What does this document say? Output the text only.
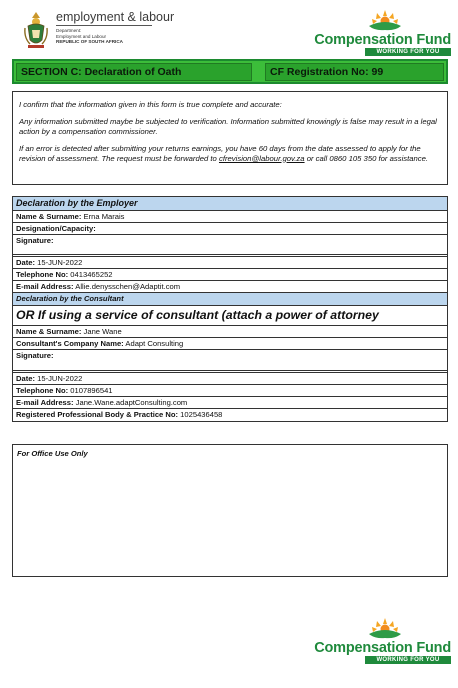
employment & labour
Department:
Employment and Labour
REPUBLIC OF SOUTH AFRICA	Compensation Fund
WORKING FOR YOU
SECTION C: Declaration of Oath	CF Registration No: 99

I confirm that the information given in this form is true complete and accurate:

Any information submitted maybe be subjected to verification. Information submitted knowingly is false may result in a legal action by a compensation commissioner.

If an error is detected after submitting your returns earnings, you have 60 days from the date assessed to apply for the revision of assessment. The request must be forwarded to cfrevision@labour.gov.za or call 0860 105 350 for assistance.

Declaration by the Employer
Name & Surname: Erna Marais
Designation/Capacity:
Signature:
Date: 15-JUN-2022
Telephone No: 0413465252
E-mail Address: Allie.denysschen@Adaptit.com
Declaration by the Consultant
OR If using a service of consultant (attach a power of attorney
Name & Surname: Jane Wane
Consultant's Company Name: Adapt Consulting
Signature:
Date: 15-JUN-2022
Telephone No: 0107896541
E-mail Address: Jane.Wane.adaptConsulting.com
Registered Professional Body & Practice No: 1025436458
For Office Use Only
Compensation Fund
WORKING FOR YOU
